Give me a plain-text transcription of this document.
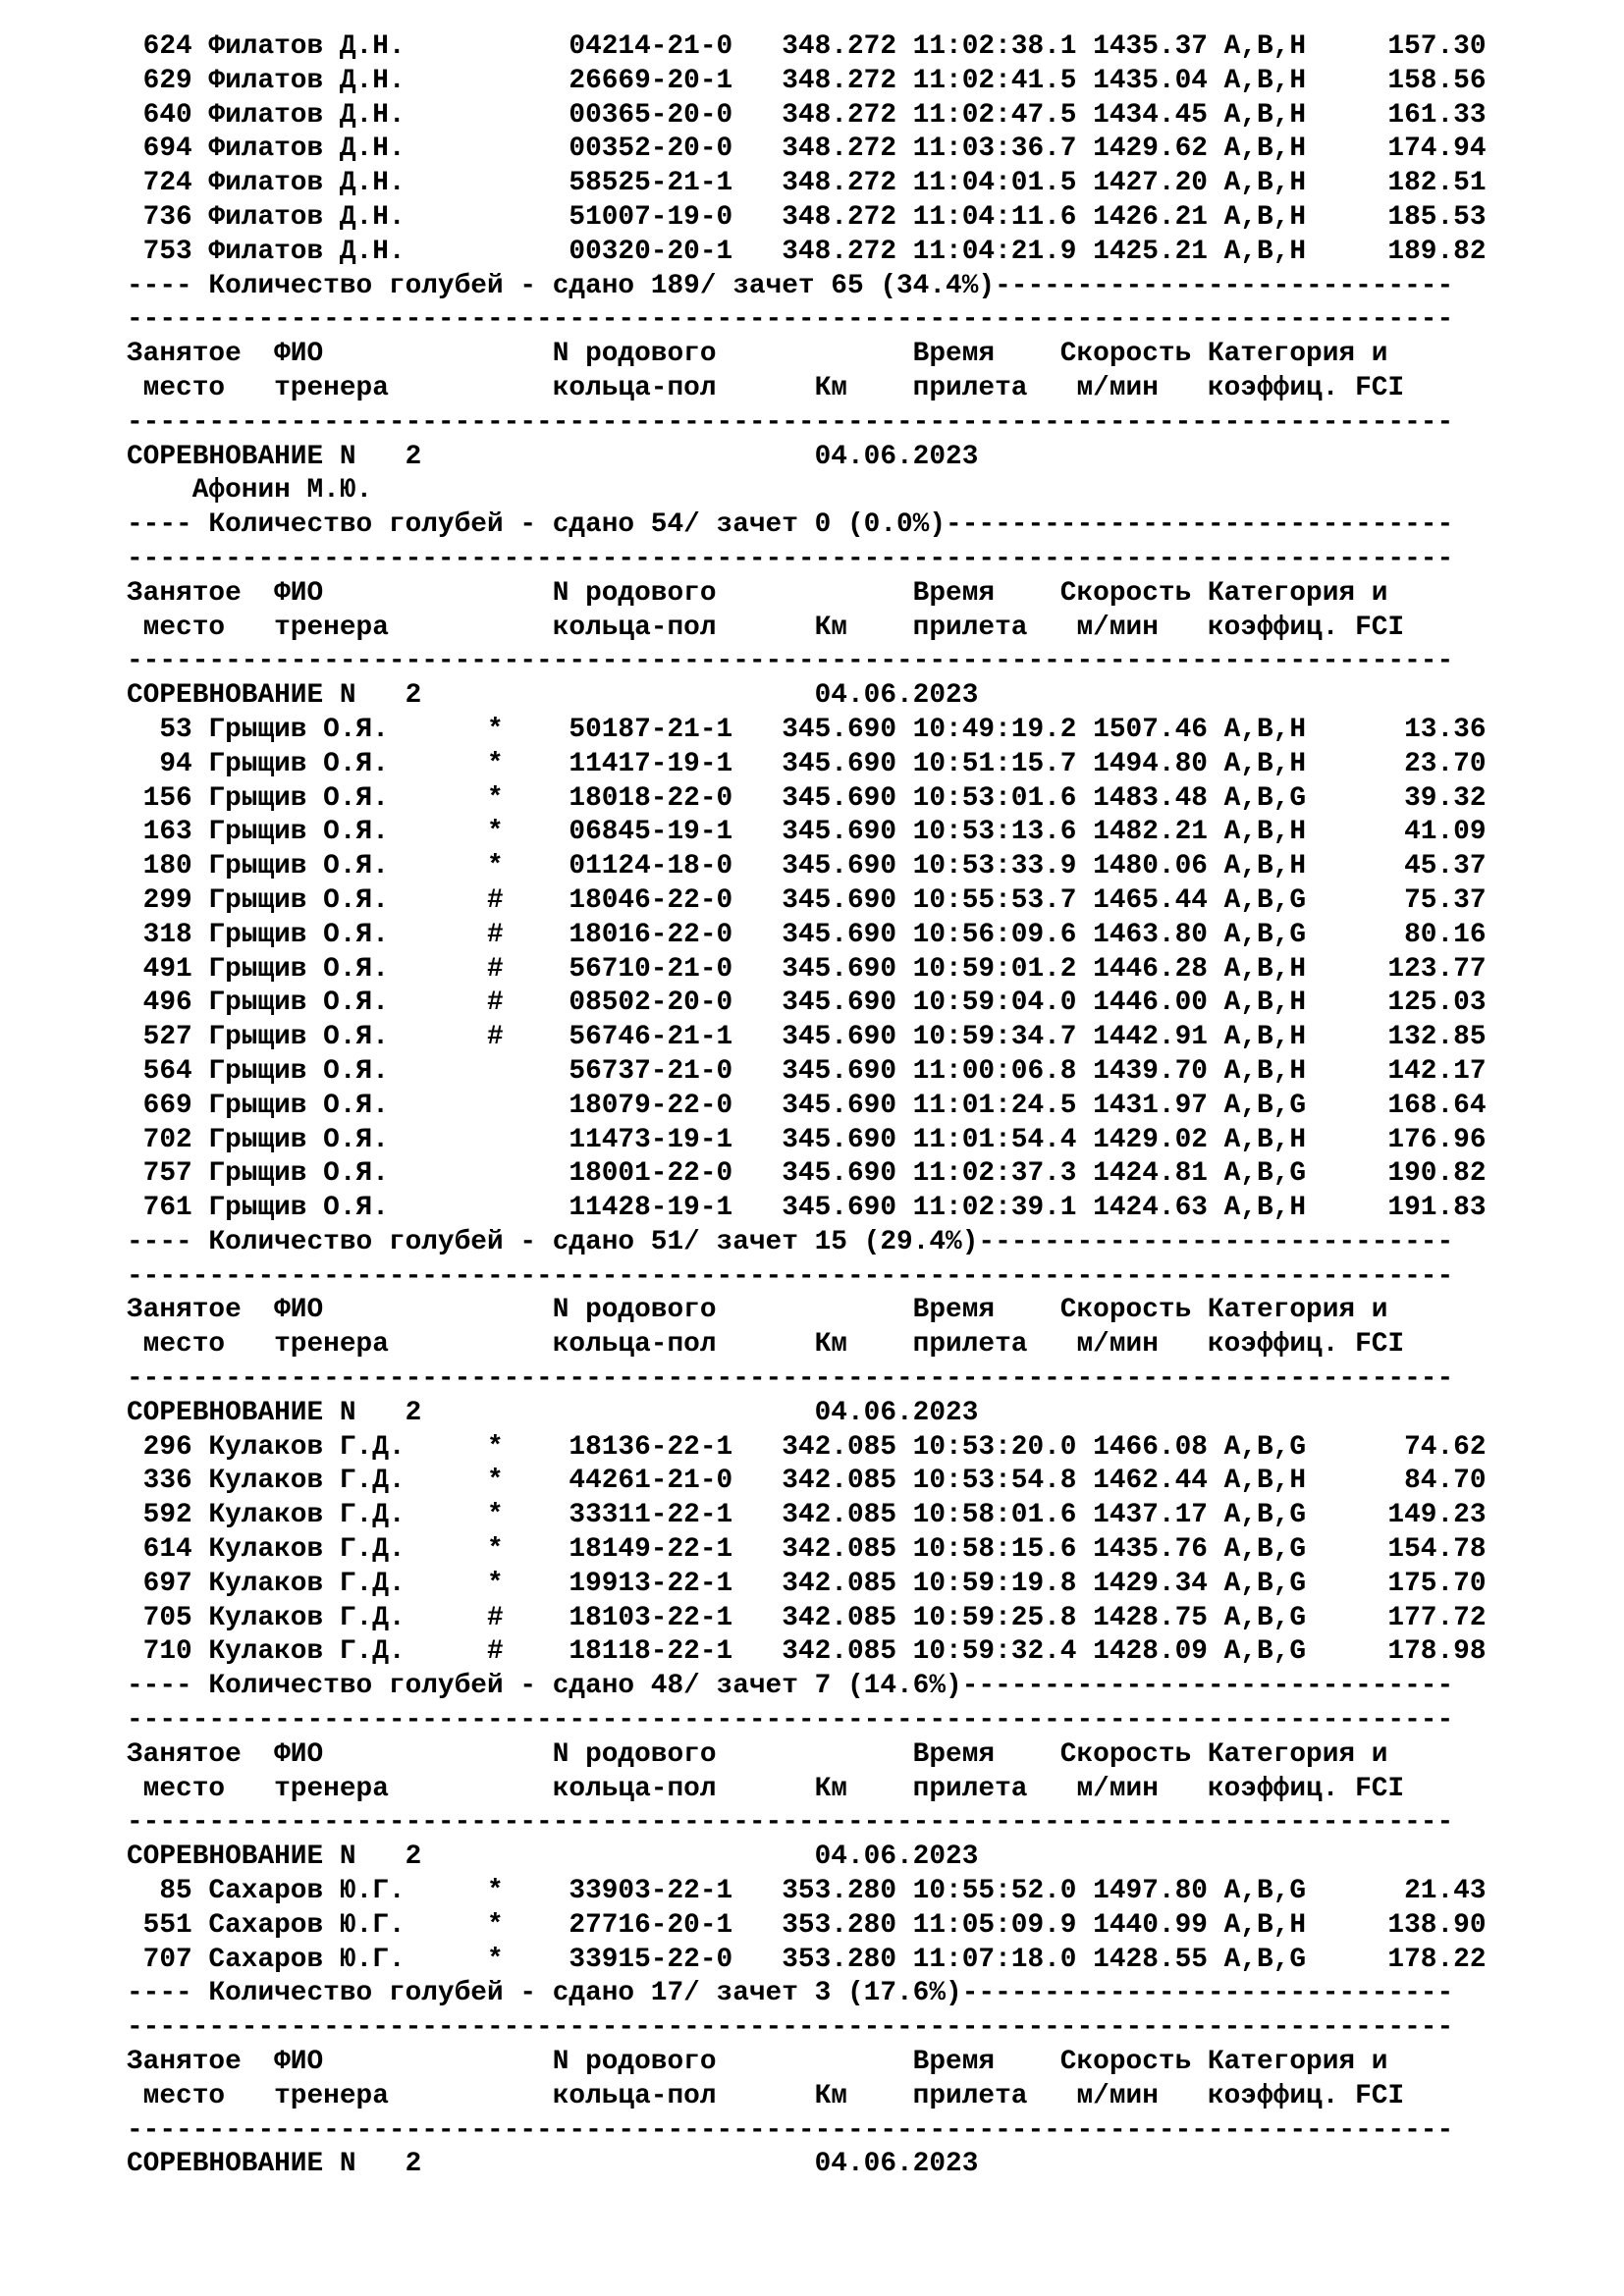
624 Филатов Д.Н.          04214-21-0   348.272 11:02:38.1 1435.37 A,B,H     157.30
629 Филатов Д.Н.          26669-20-1   348.272 11:02:41.5 1435.04 A,B,H     158.56
640 Филатов Д.Н.          00365-20-0   348.272 11:02:47.5 1434.45 A,B,H     161.33
694 Филатов Д.Н.          00352-20-0   348.272 11:03:36.7 1429.62 A,B,H     174.94
724 Филатов Д.Н.          58525-21-1   348.272 11:04:01.5 1427.20 A,B,H     182.51
736 Филатов Д.Н.          51007-19-0   348.272 11:04:11.6 1426.21 A,B,H     185.53
753 Филатов Д.Н.          00320-20-1   348.272 11:04:21.9 1425.21 A,B,H     189.82
---- Количество голубей - сдано 189/ зачет 65 (34.4%)----------------------------
---------------------------------------------------------------------------------
Занятое  ФИО              N родового            Время    Скорость Категория и
место   тренера          кольца-пол      Км    прилета   м/мин   коэффиц. FCI
---------------------------------------------------------------------------------
СОРЕВНОВАНИЕ N   2                        04.06.2023
Афонин М.Ю.
---- Количество голубей - сдано 54/ зачет 0 (0.0%)-------------------------------
---------------------------------------------------------------------------------
Занятое  ФИО              N родового            Время    Скорость Категория и
место   тренера          кольца-пол      Км    прилета   м/мин   коэффиц. FCI
---------------------------------------------------------------------------------
СОРЕВНОВАНИЕ N   2                        04.06.2023
53 Грыщив О.Я.      *    50187-21-1   345.690 10:49:19.2 1507.46 A,B,H      13.36
94 Грыщив О.Я.      *    11417-19-1   345.690 10:51:15.7 1494.80 A,B,H      23.70
156 Грыщив О.Я.      *    18018-22-0   345.690 10:53:01.6 1483.48 A,B,G      39.32
163 Грыщив О.Я.      *    06845-19-1   345.690 10:53:13.6 1482.21 A,B,H      41.09
180 Грыщив О.Я.      *    01124-18-0   345.690 10:53:33.9 1480.06 A,B,H      45.37
299 Грыщив О.Я.      #    18046-22-0   345.690 10:55:53.7 1465.44 A,B,G      75.37
318 Грыщив О.Я.      #    18016-22-0   345.690 10:56:09.6 1463.80 A,B,G      80.16
491 Грыщив О.Я.      #    56710-21-0   345.690 10:59:01.2 1446.28 A,B,H     123.77
496 Грыщив О.Я.      #    08502-20-0   345.690 10:59:04.0 1446.00 A,B,H     125.03
527 Грыщив О.Я.      #    56746-21-1   345.690 10:59:34.7 1442.91 A,B,H     132.85
564 Грыщив О.Я.           56737-21-0   345.690 11:00:06.8 1439.70 A,B,H     142.17
669 Грыщив О.Я.           18079-22-0   345.690 11:01:24.5 1431.97 A,B,G     168.64
702 Грыщив О.Я.           11473-19-1   345.690 11:01:54.4 1429.02 A,B,H     176.96
757 Грыщив О.Я.           18001-22-0   345.690 11:02:37.3 1424.81 A,B,G     190.82
761 Грыщив О.Я.           11428-19-1   345.690 11:02:39.1 1424.63 A,B,H     191.83
---- Количество голубей - сдано 51/ зачет 15 (29.4%)-----------------------------
---------------------------------------------------------------------------------
Занятое  ФИО              N родового            Время    Скорость Категория и
место   тренера          кольца-пол      Км    прилета   м/мин   коэффиц. FCI
---------------------------------------------------------------------------------
СОРЕВНОВАНИЕ N   2                        04.06.2023
296 Кулаков Г.Д.     *    18136-22-1   342.085 10:53:20.0 1466.08 A,B,G      74.62
336 Кулаков Г.Д.     *    44261-21-0   342.085 10:53:54.8 1462.44 A,B,H      84.70
592 Кулаков Г.Д.     *    33311-22-1   342.085 10:58:01.6 1437.17 A,B,G     149.23
614 Кулаков Г.Д.     *    18149-22-1   342.085 10:58:15.6 1435.76 A,B,G     154.78
697 Кулаков Г.Д.     *    19913-22-1   342.085 10:59:19.8 1429.34 A,B,G     175.70
705 Кулаков Г.Д.     #    18103-22-1   342.085 10:59:25.8 1428.75 A,B,G     177.72
710 Кулаков Г.Д.     #    18118-22-1   342.085 10:59:32.4 1428.09 A,B,G     178.98
---- Количество голубей - сдано 48/ зачет 7 (14.6%)------------------------------
---------------------------------------------------------------------------------
Занятое  ФИО              N родового            Время    Скорость Категория и
место   тренера          кольца-пол      Км    прилета   м/мин   коэффиц. FCI
---------------------------------------------------------------------------------
СОРЕВНОВАНИЕ N   2                        04.06.2023
85 Сахаров Ю.Г.     *    33903-22-1   353.280 10:55:52.0 1497.80 A,B,G      21.43
551 Сахаров Ю.Г.     *    27716-20-1   353.280 11:05:09.9 1440.99 A,B,H     138.90
707 Сахаров Ю.Г.     *    33915-22-0   353.280 11:07:18.0 1428.55 A,B,G     178.22
---- Количество голубей - сдано 17/ зачет 3 (17.6%)------------------------------
---------------------------------------------------------------------------------
Занятое  ФИО              N родового            Время    Скорость Категория и
место   тренера          кольца-пол      Км    прилета   м/мин   коэффиц. FCI
---------------------------------------------------------------------------------
СОРЕВНОВАНИЕ N   2                        04.06.2023
